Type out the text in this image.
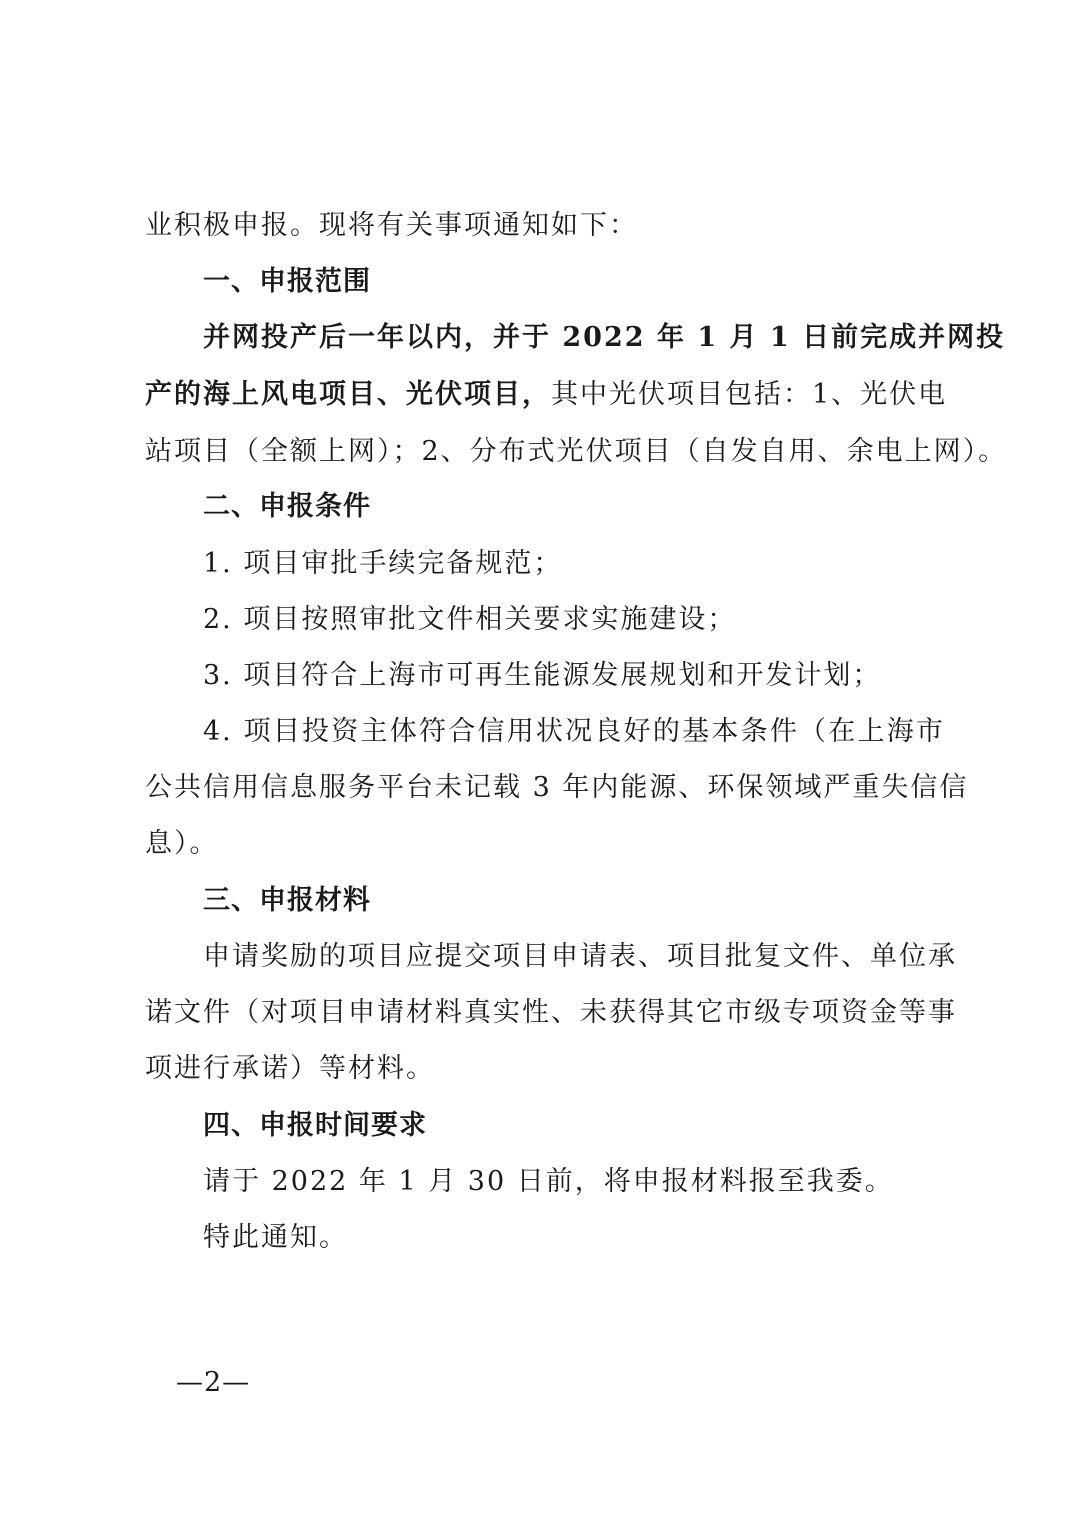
业积极申报。现将有关事项通知如下：
一、申报范围
并网投产后一年以内，并于 2022 年 1 月 1 日前完成并网投
产的海上风电项目、光伏项目，其中光伏项目包括：1、光伏电
站项目（全额上网）；2、分布式光伏项目（自发自用、余电上网）。
二、申报条件
1. 项目审批手续完备规范；
2. 项目按照审批文件相关要求实施建设；
3. 项目符合上海市可再生能源发展规划和开发计划；
4. 项目投资主体符合信用状况良好的基本条件（在上海市
公共信用信息服务平台未记载 3 年内能源、环保领域严重失信信
息）。
三、申报材料
申请奖励的项目应提交项目申请表、项目批复文件、单位承
诺文件（对项目申请材料真实性、未获得其它市级专项资金等事
项进行承诺）等材料。
四、申报时间要求
请于 2022 年 1 月 30 日前，将申报材料报至我委。
特此通知。
—2—
